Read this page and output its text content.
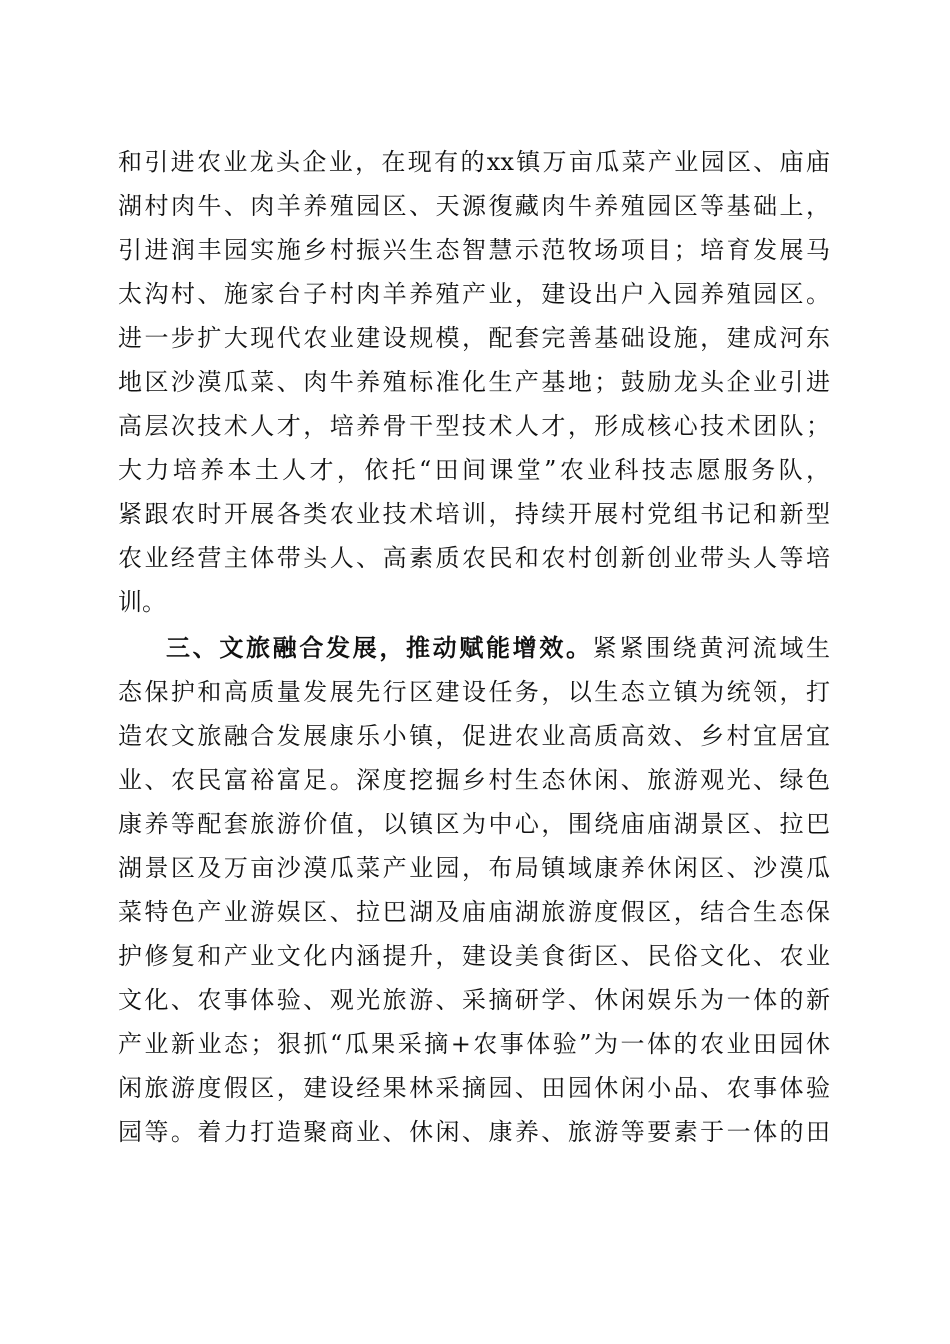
和引进农业龙头企业，在现有的xx镇万亩瓜菜产业园区、庙庙
湖村肉牛、肉羊养殖园区、天源復藏肉牛养殖园区等基础上，
引进润丰园实施乡村振兴生态智慧示范牧场项目；培育发展马
太沟村、施家台子村肉羊养殖产业，建设出户入园养殖园区。
进一步扩大现代农业建设规模，配套完善基础设施，建成河东
地区沙漠瓜菜、肉牛养殖标准化生产基地；鼓励龙头企业引进
高层次技术人才，培养骨干型技术人才，形成核心技术团队；
大力培养本土人才，依托“田间课堂”农业科技志愿服务队，
紧跟农时开展各类农业技术培训，持续开展村党组书记和新型
农业经营主体带头人、高素质农民和农村创新创业带头人等培
训。
三、文旅融合发展，推动赋能增效。紧紧围绕黄河流域生
态保护和高质量发展先行区建设任务，以生态立镇为统领，打
造农文旅融合发展康乐小镇，促进农业高质高效、乡村宜居宜
业、农民富裕富足。深度挖掘乡村生态休闲、旅游观光、绿色
康养等配套旅游价值，以镇区为中心，围绕庙庙湖景区、拉巴
湖景区及万亩沙漠瓜菜产业园，布局镇域康养休闲区、沙漠瓜
菜特色产业游娱区、拉巴湖及庙庙湖旅游度假区，结合生态保
护修复和产业文化内涵提升，建设美食街区、民俗文化、农业
文化、农事体验、观光旅游、采摘研学、休闲娱乐为一体的新
产业新业态；狠抓“瓜果采摘+农事体验”为一体的农业田园休
闲旅游度假区，建设经果林采摘园、田园休闲小品、农事体验
园等。着力打造聚商业、休闲、康养、旅游等要素于一体的田
